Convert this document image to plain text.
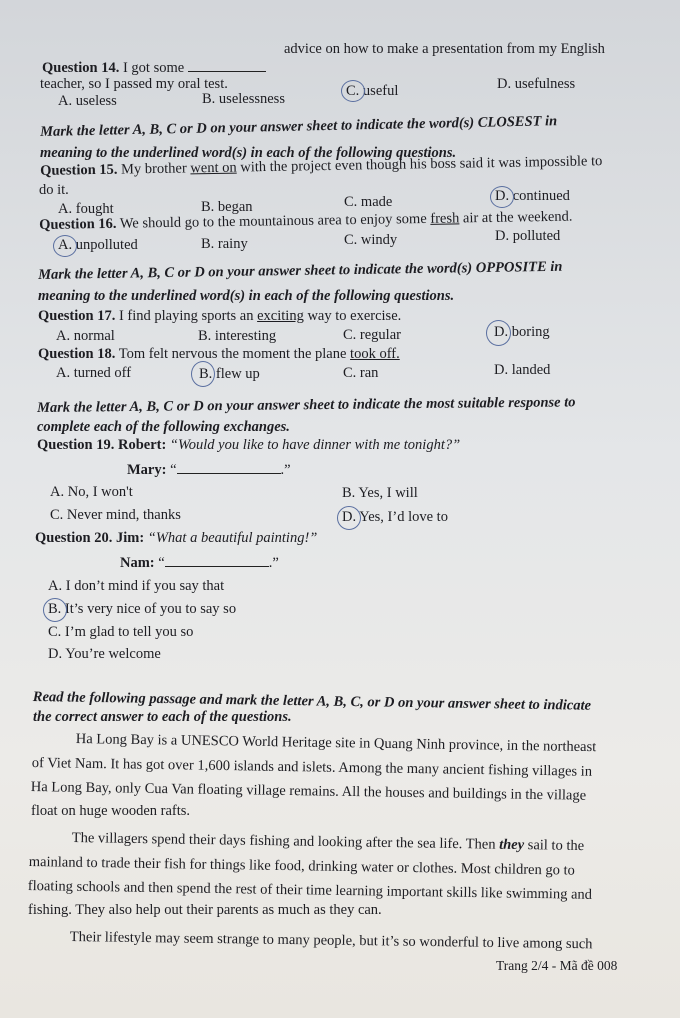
Question 14. I got some
advice on how to make a presentation from my English
teacher, so I passed my oral test.
A. useless	B. uselessness	C. useful	D. usefulness
Mark the letter A, B, C or D on your answer sheet to indicate the word(s) CLOSEST in
meaning to the underlined word(s) in each of the following questions.
Question 15. My brother went on with the project even though his boss said it was impossible to
do it.
A. fought	B. began	C. made	D. continued
Question 16. We should go to the mountainous area to enjoy some fresh air at the weekend.
A. unpolluted	B. rainy	C. windy	D. polluted
Mark the letter A, B, C or D on your answer sheet to indicate the word(s) OPPOSITE in
meaning to the underlined word(s) in each of the following questions.
Question 17. I find playing sports an exciting way to exercise.
A. normal	B. interesting	C. regular	D. boring
Question 18. Tom felt nervous the moment the plane took off.
A. turned off	B. flew up	C. ran	D. landed
Mark the letter A, B, C or D on your answer sheet to indicate the most suitable response to
complete each of the following exchanges.
Question 19. Robert: “Would you like to have dinner with me tonight?”
Mary: “	.”
A. No, I won't	B. Yes, I will
C. Never mind, thanks	D. Yes, I’d love to
Question 20. Jim: “What a beautiful painting!”
Nam: “	.”
A. I don’t mind if you say that
B. It’s very nice of you to say so
C. I’m glad to tell you so
D. You’re welcome
Read the following passage and mark the letter A, B, C, or D on your answer sheet to indicate
the correct answer to each of the questions.
Ha Long Bay is a UNESCO World Heritage site in Quang Ninh province, in the northeast
of Viet Nam. It has got over 1,600 islands and islets. Among the many ancient fishing villages in
Ha Long Bay, only Cua Van floating village remains. All the houses and buildings in the village
float on huge wooden rafts.
The villagers spend their days fishing and looking after the sea life. Then they sail to the
mainland to trade their fish for things like food, drinking water or clothes. Most children go to
floating schools and then spend the rest of their time learning important skills like swimming and
fishing. They also help out their parents as much as they can.
Their lifestyle may seem strange to many people, but it’s so wonderful to live among such
Trang 2/4 - Mã đề 008
